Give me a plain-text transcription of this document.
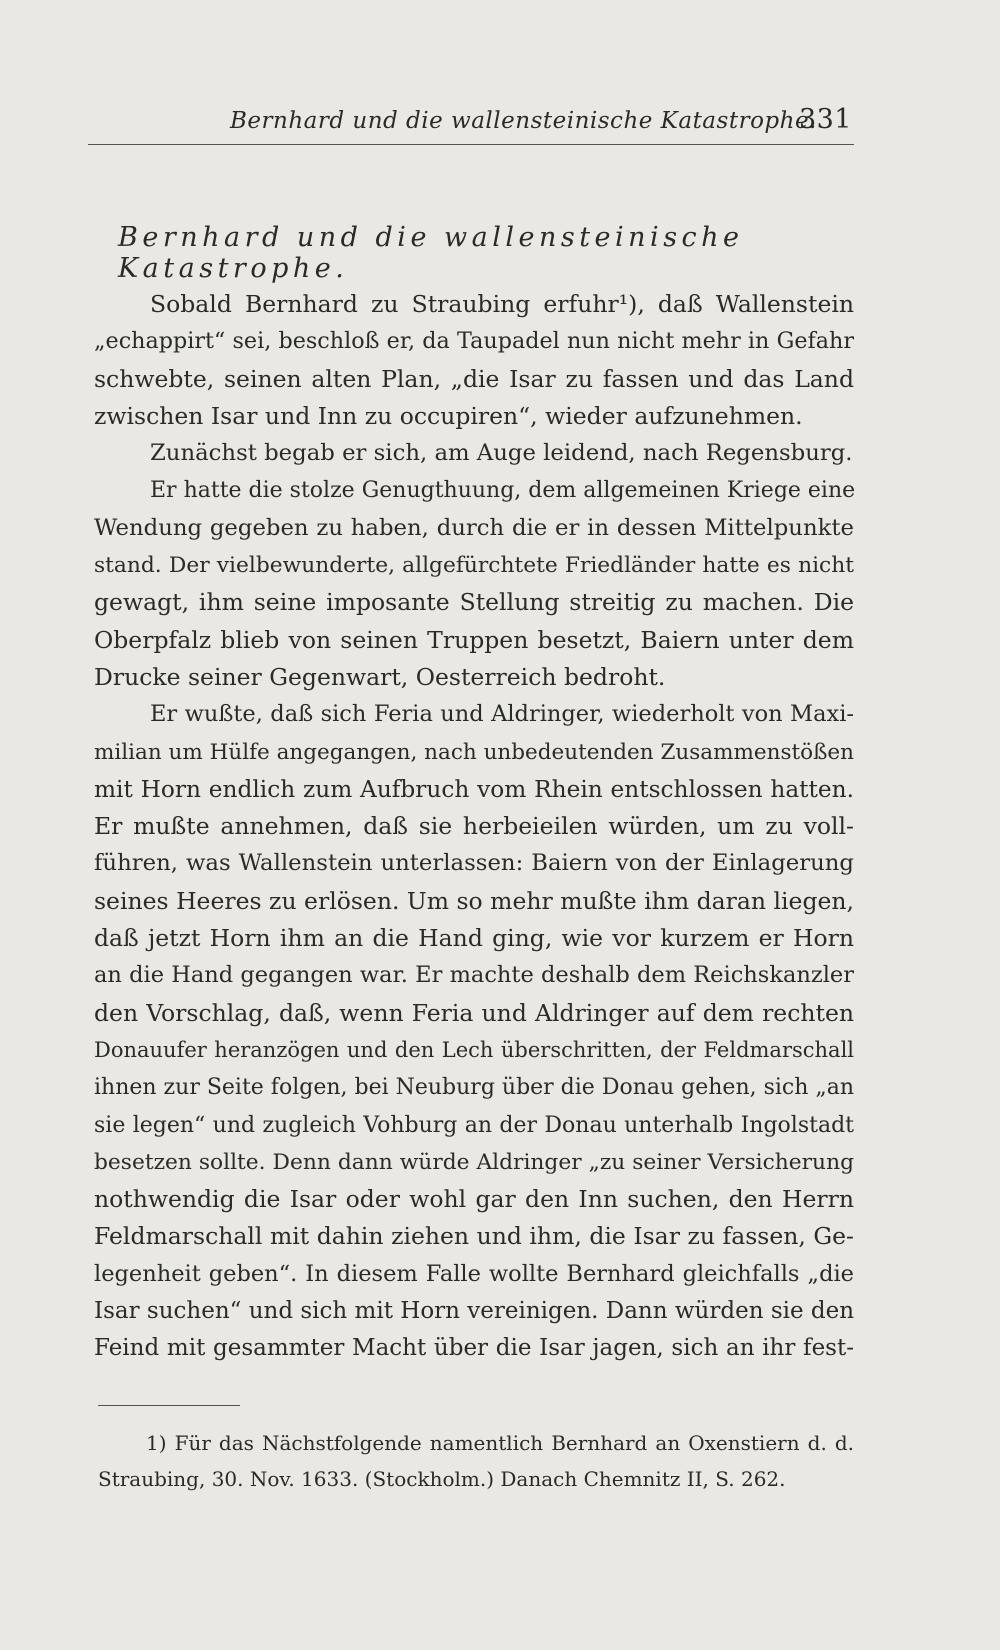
Bernhard und die wallensteinische Katastrophe.
331
Bernhard und die wallensteinische Katastrophe.
Sobald Bernhard zu Straubing erfuhr¹), daß Wallenstein
„echappirt“ sei, beschloß er, da Taupadel nun nicht mehr in Gefahr
schwebte, seinen alten Plan, „die Isar zu fassen und das Land
zwischen Isar und Inn zu occupiren“, wieder aufzunehmen.
Zunächst begab er sich, am Auge leidend, nach Regensburg.
Er hatte die stolze Genugthuung, dem allgemeinen Kriege eine
Wendung gegeben zu haben, durch die er in dessen Mittelpunkte
stand. Der vielbewunderte, allgefürchtete Friedländer hatte es nicht
gewagt, ihm seine imposante Stellung streitig zu machen. Die
Oberpfalz blieb von seinen Truppen besetzt, Baiern unter dem
Drucke seiner Gegenwart, Oesterreich bedroht.
Er wußte, daß sich Feria und Aldringer, wiederholt von Maxi-
milian um Hülfe angegangen, nach unbedeutenden Zusammenstößen
mit Horn endlich zum Aufbruch vom Rhein entschlossen hatten.
Er mußte annehmen, daß sie herbeieilen würden, um zu voll-
führen, was Wallenstein unterlassen: Baiern von der Einlagerung
seines Heeres zu erlösen. Um so mehr mußte ihm daran liegen,
daß jetzt Horn ihm an die Hand ging, wie vor kurzem er Horn
an die Hand gegangen war. Er machte deshalb dem Reichskanzler
den Vorschlag, daß, wenn Feria und Aldringer auf dem rechten
Donauufer heranzögen und den Lech überschritten, der Feldmarschall
ihnen zur Seite folgen, bei Neuburg über die Donau gehen, sich „an
sie legen“ und zugleich Vohburg an der Donau unterhalb Ingolstadt
besetzen sollte. Denn dann würde Aldringer „zu seiner Versicherung
nothwendig die Isar oder wohl gar den Inn suchen, den Herrn
Feldmarschall mit dahin ziehen und ihm, die Isar zu fassen, Ge-
legenheit geben“. In diesem Falle wollte Bernhard gleichfalls „die
Isar suchen“ und sich mit Horn vereinigen. Dann würden sie den
Feind mit gesammter Macht über die Isar jagen, sich an ihr fest-
1) Für das Nächstfolgende namentlich Bernhard an Oxenstiern d. d.
Straubing, 30. Nov. 1633. (Stockholm.) Danach Chemnitz II, S. 262.
